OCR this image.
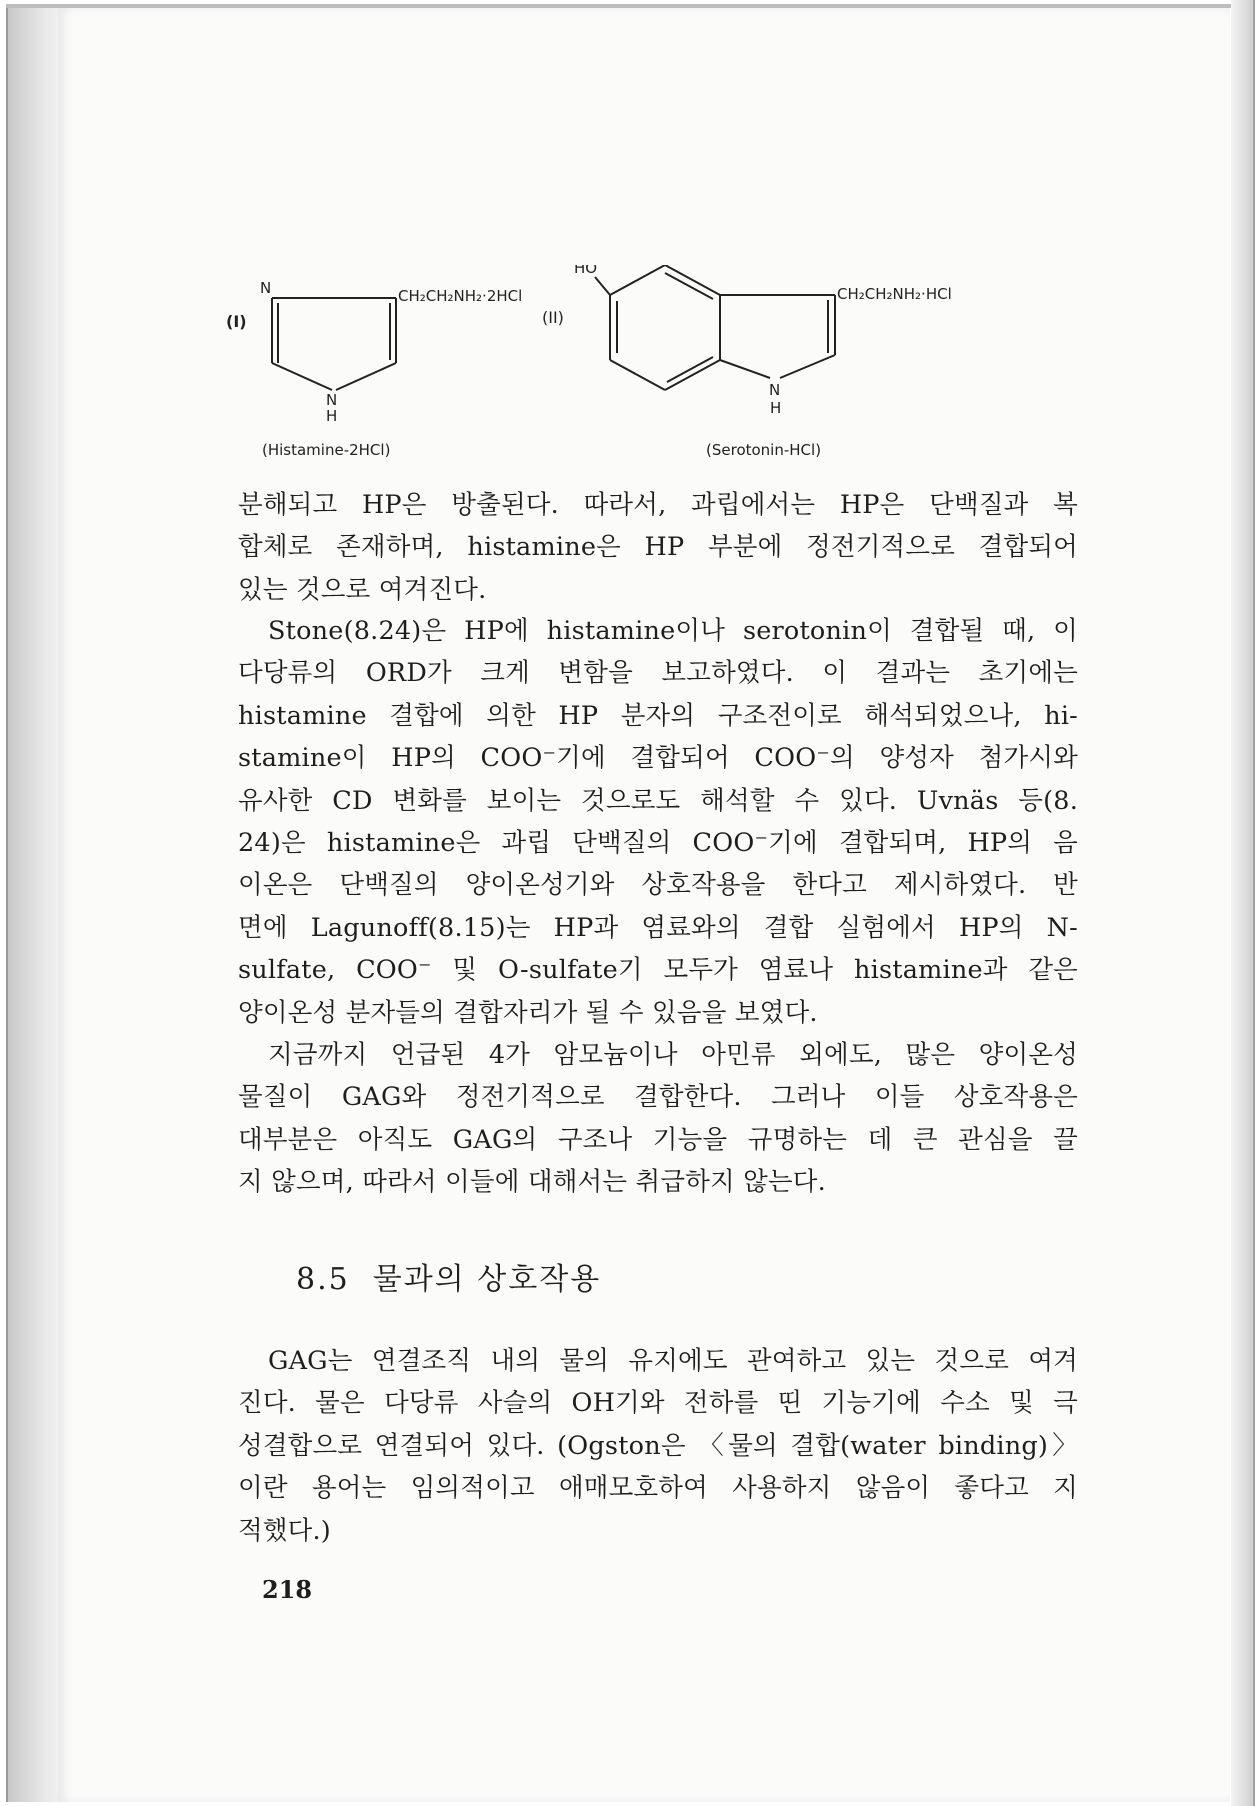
N	CH₂CH₂NH₂·2HCl
(I)
N
H
(Histamine-2HCl)
HO
(II)
CH₂CH₂NH₂·HCl
N
H
(Serotonin-HCl)
분해되고 HP은 방출된다. 따라서, 과립에서는 HP은 단백질과 복
합체로 존재하며, histamine은 HP 부분에 정전기적으로 결합되어
있는 것으로 여겨진다.
Stone(8.24)은 HP에 histamine이나 serotonin이 결합될 때, 이
다당류의 ORD가 크게 변함을 보고하였다. 이 결과는 초기에는
histamine 결합에 의한 HP 분자의 구조전이로 해석되었으나, hi-
stamine이 HP의 COO⁻기에 결합되어 COO⁻의 양성자 첨가시와
유사한 CD 변화를 보이는 것으로도 해석할 수 있다. Uvnäs 등(8.
24)은 histamine은 과립 단백질의 COO⁻기에 결합되며, HP의 음
이온은 단백질의 양이온성기와 상호작용을 한다고 제시하였다. 반
면에 Lagunoff(8.15)는 HP과 염료와의 결합 실험에서 HP의 N-
sulfate, COO⁻ 및 O-sulfate기 모두가 염료나 histamine과 같은
양이온성 분자들의 결합자리가 될 수 있음을 보였다.
지금까지 언급된 4가 암모늄이나 아민류 외에도, 많은 양이온성
물질이 GAG와 정전기적으로 결합한다. 그러나 이들 상호작용은
대부분은 아직도 GAG의 구조나 기능을 규명하는 데 큰 관심을 끌
지 않으며, 따라서 이들에 대해서는 취급하지 않는다.
8.5 물과의 상호작용
GAG는 연결조직 내의 물의 유지에도 관여하고 있는 것으로 여겨
진다. 물은 다당류 사슬의 OH기와 전하를 띤 기능기에 수소 및 극
성결합으로 연결되어 있다. (Ogston은 〈물의 결합(water binding)〉
이란 용어는 임의적이고 애매모호하여 사용하지 않음이 좋다고 지
적했다.)
218
